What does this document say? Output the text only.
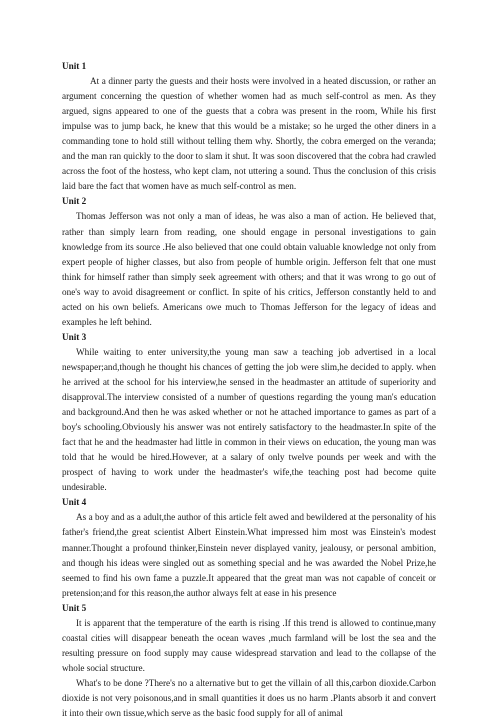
Unit 1

At a dinner party the guests and their hosts were involved in a heated discussion, or rather an argument concerning the question of whether women had as much self-control as men. As they argued, signs appeared to one of the guests that a cobra was present in the room, While his first impulse was to jump back, he knew that this would be a mistake; so he urged the other diners in a commanding tone to hold still without telling them why. Shortly, the cobra emerged on the veranda; and the man ran quickly to the door to slam it shut. It was soon discovered that the cobra had crawled across the foot of the hostess, who kept clam, not uttering a sound. Thus the conclusion of this crisis laid bare the fact that women have as much self-control as men.

Unit 2

Thomas Jefferson was not only a man of ideas, he was also a man of action. He believed that, rather than simply learn from reading, one should engage in personal investigations to gain knowledge from its source .He also believed that one could obtain valuable knowledge not only from expert people of higher classes, but also from people of humble origin. Jefferson felt that one must think for himself rather than simply seek agreement with others; and that it was wrong to go out of one's way to avoid disagreement or conflict. In spite of his critics, Jefferson constantly held to and acted on his own beliefs. Americans owe much to Thomas Jefferson for the legacy of ideas and examples he left behind.

Unit 3

While waiting to enter university,the young man saw a teaching job advertised in a local newspaper;and,though he thought his chances of getting the job were slim,he decided to apply. when he arrived at the school for his interview,he sensed in the headmaster an attitude of superiority and disapproval.The interview consisted of a number of questions regarding the young man's education and background.And then he was asked whether or not he attached importance to games as part of a boy's schooling.Obviously his answer was not entirely satisfactory to the headmaster.In spite of the fact that he and the headmaster had little in common in their views on education, the young man was told that he would be hired.However, at a salary of only twelve pounds per week and with the prospect of having to work under the headmaster's wife,the teaching post had become quite undesirable.

Unit 4

As a boy and as a adult,the author of this article felt awed and bewildered at the personality of his father's friend,the great scientist Albert Einstein.What impressed him most was Einstein's modest manner.Thought a profound thinker,Einstein never displayed vanity, jealousy, or personal ambition, and though his ideas were singled out as something special and he was awarded the Nobel Prize,he seemed to find his own fame a puzzle.It appeared that the great man was not capable of conceit or pretension;and for this reason,the author always felt at ease in his presence

Unit 5

It is apparent that the temperature of the earth is rising .If this trend is allowed to continue,many coastal cities will disappear beneath the ocean waves ,much farmland will be lost the sea and the resulting pressure on food supply may cause widespread starvation and lead to the collapse of the whole social structure.

What's to be done ?There's no a alternative but to get the villain of all this,carbon dioxide.Carbon dioxide is not very poisonous,and in small quantities it does us no harm .Plants absorb it and convert it into their own tissue,which serve as the basic food supply for all of animal
